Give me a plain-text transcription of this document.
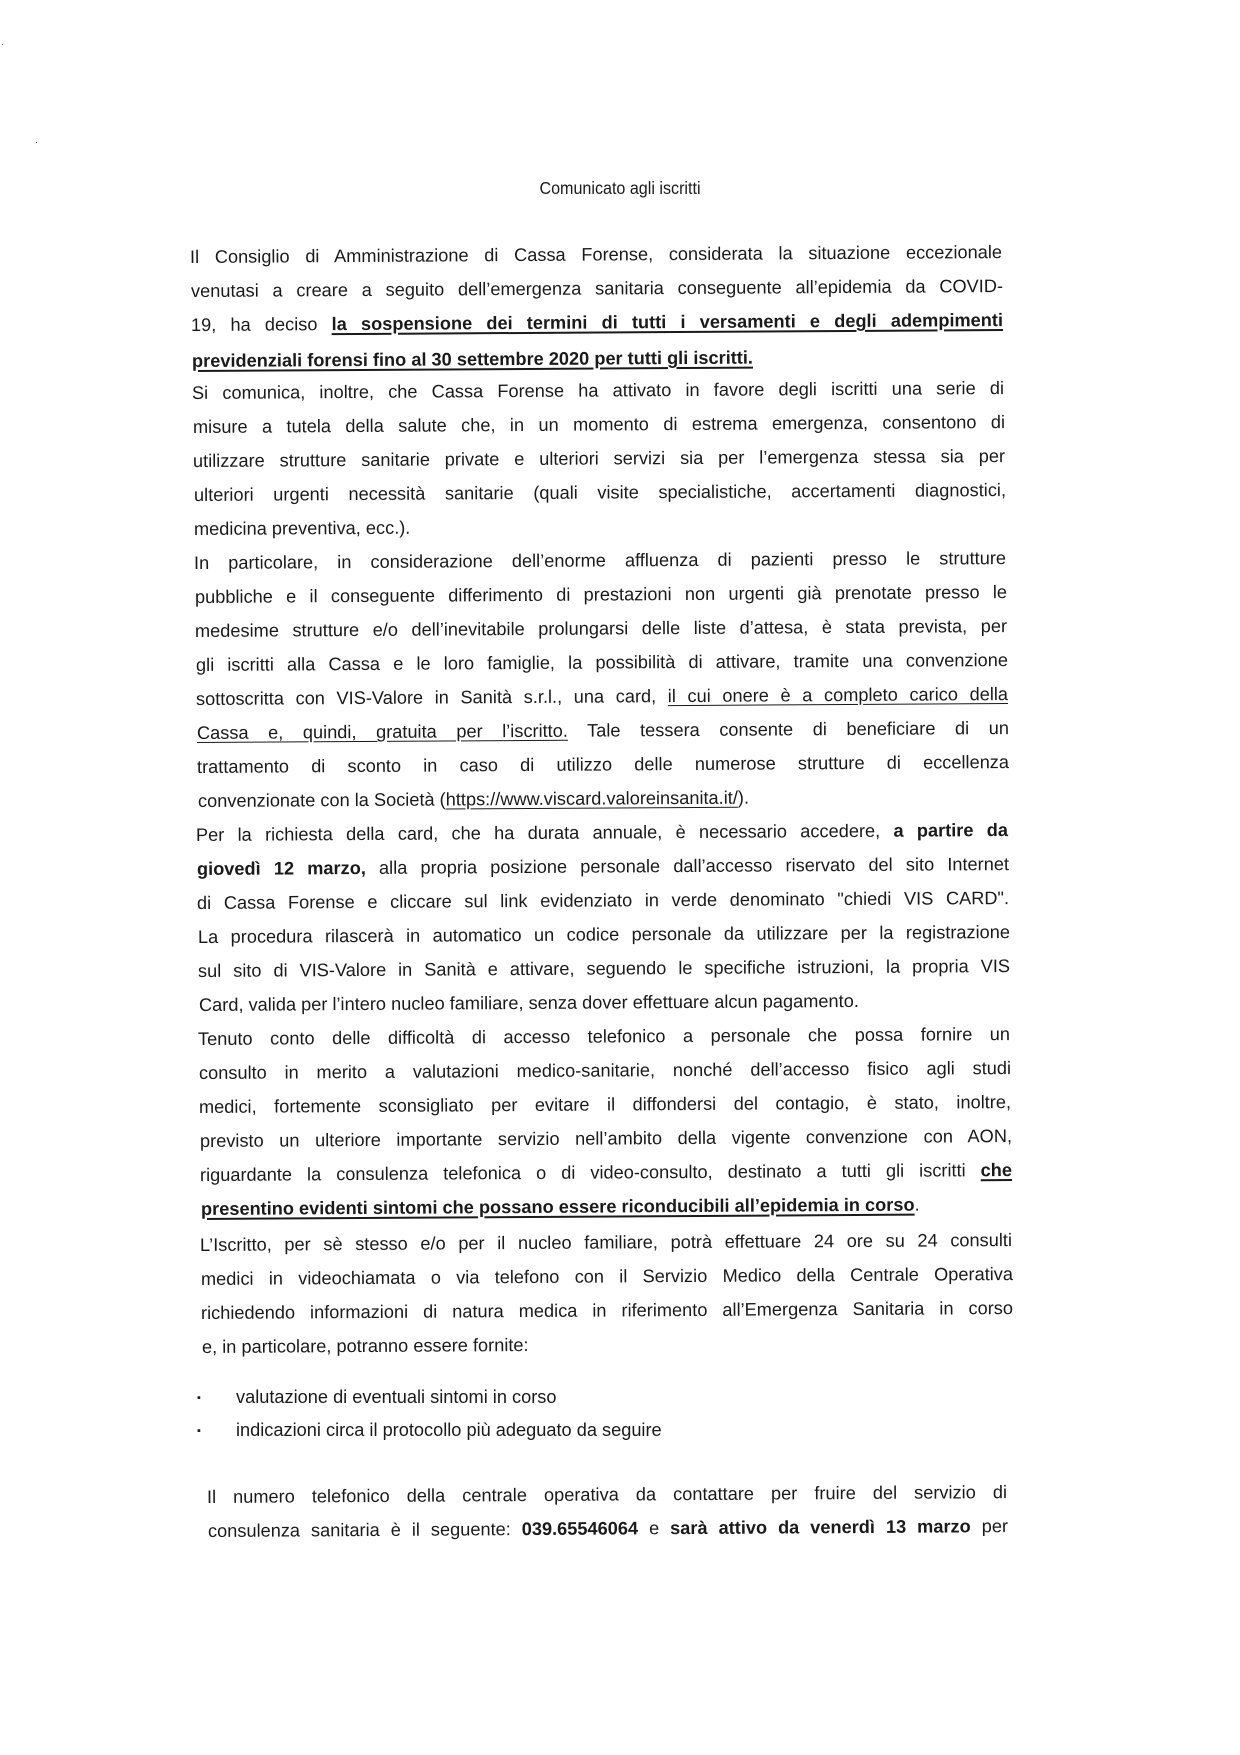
Comunicato agli iscritti
Il Consiglio di Amministrazione di Cassa Forense, considerata la situazione eccezionale
venutasi a creare a seguito dell’emergenza sanitaria conseguente all’epidemia da COVID-
19, ha deciso la sospensione dei termini di tutti i versamenti e degli adempimenti
previdenziali forensi fino al 30 settembre 2020 per tutti gli iscritti.
Si comunica, inoltre, che Cassa Forense ha attivato in favore degli iscritti una serie di
misure a tutela della salute che, in un momento di estrema emergenza, consentono di
utilizzare strutture sanitarie private e ulteriori servizi sia per l’emergenza stessa sia per
ulteriori urgenti necessità sanitarie (quali visite specialistiche, accertamenti diagnostici,
medicina preventiva, ecc.).
In particolare, in considerazione dell’enorme affluenza di pazienti presso le strutture
pubbliche e il conseguente differimento di prestazioni non urgenti già prenotate presso le
medesime strutture e/o dell’inevitabile prolungarsi delle liste d’attesa, è stata prevista, per
gli iscritti alla Cassa e le loro famiglie, la possibilità di attivare, tramite una convenzione
sottoscritta con VIS-Valore in Sanità s.r.l., una card, il cui onere è a completo carico della
Cassa e, quindi, gratuita per l’iscritto. Tale tessera consente di beneficiare di un
trattamento di sconto in caso di utilizzo delle numerose strutture di eccellenza
convenzionate con la Società (https://www.viscard.valoreinsanita.it/).
Per la richiesta della card, che ha durata annuale, è necessario accedere, a partire da
giovedì 12 marzo, alla propria posizione personale dall’accesso riservato del sito Internet
di Cassa Forense e cliccare sul link evidenziato in verde denominato "chiedi VIS CARD".
La procedura rilascerà in automatico un codice personale da utilizzare per la registrazione
sul sito di VIS-Valore in Sanità e attivare, seguendo le specifiche istruzioni, la propria VIS
Card, valida per l’intero nucleo familiare, senza dover effettuare alcun pagamento.
Tenuto conto delle difficoltà di accesso telefonico a personale che possa fornire un
consulto in merito a valutazioni medico-sanitarie, nonché dell’accesso fisico agli studi
medici, fortemente sconsigliato per evitare il diffondersi del contagio, è stato, inoltre,
previsto un ulteriore importante servizio nell’ambito della vigente convenzione con AON,
riguardante la consulenza telefonica o di video-consulto, destinato a tutti gli iscritti che
presentino evidenti sintomi che possano essere riconducibili all’epidemia in corso.
L’Iscritto, per sè stesso e/o per il nucleo familiare, potrà effettuare 24 ore su 24 consulti
medici in videochiamata o via telefono con il Servizio Medico della Centrale Operativa
richiedendo informazioni di natura medica in riferimento all’Emergenza Sanitaria in corso
e, in particolare, potranno essere fornite:
▪ valutazione di eventuali sintomi in corso
▪ indicazioni circa il protocollo più adeguato da seguire
Il numero telefonico della centrale operativa da contattare per fruire del servizio di
consulenza sanitaria è il seguente: 039.65546064 e sarà attivo da venerdì 13 marzo per
